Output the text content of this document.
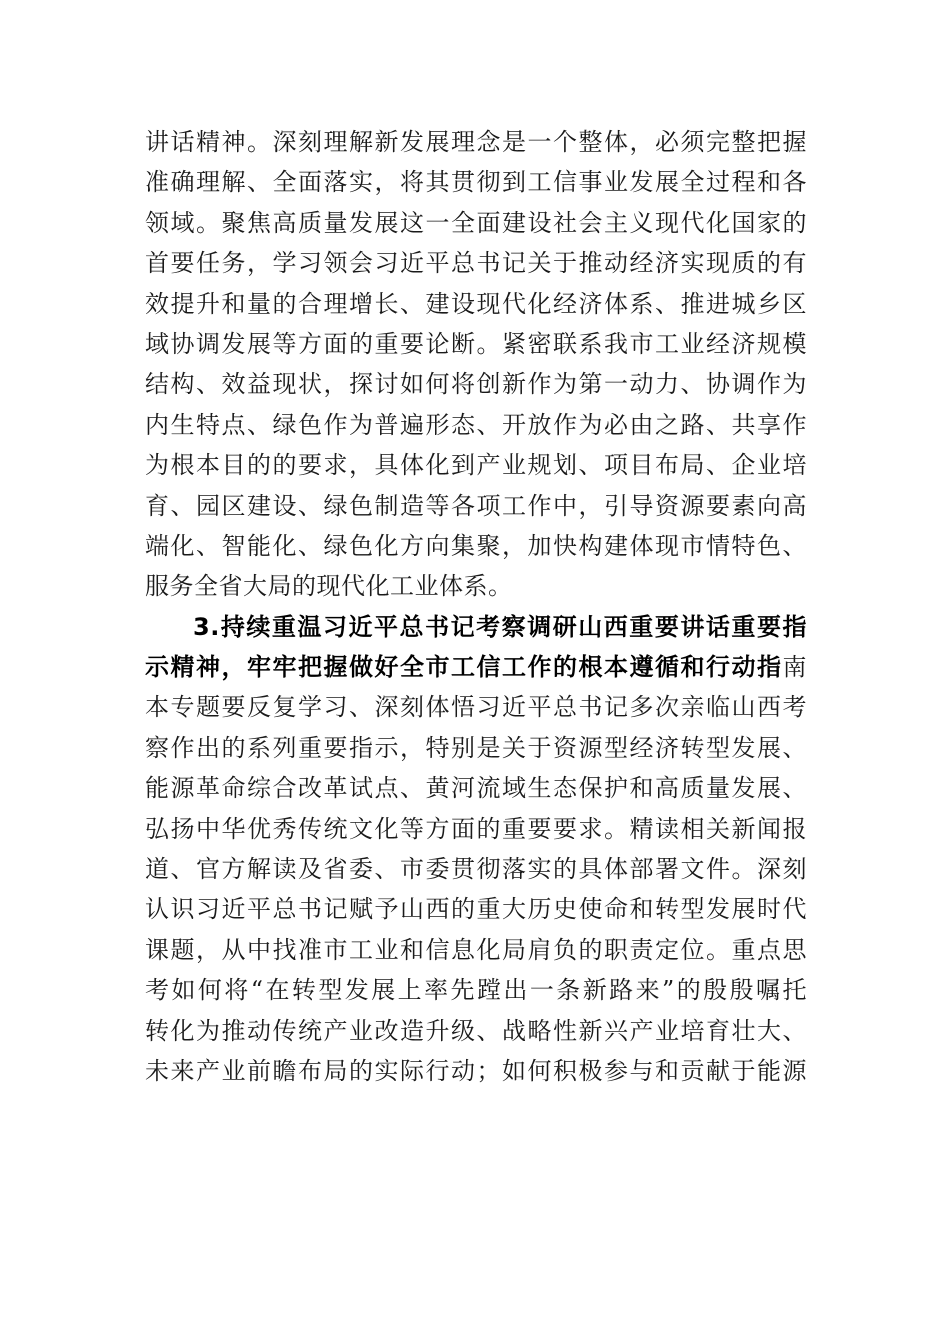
讲话精神。深刻理解新发展理念是一个整体，必须完整把握
准确理解、全面落实，将其贯彻到工信事业发展全过程和各
领域。聚焦高质量发展这一全面建设社会主义现代化国家的
首要任务，学习领会习近平总书记关于推动经济实现质的有
效提升和量的合理增长、建设现代化经济体系、推进城乡区
域协调发展等方面的重要论断。紧密联系我市工业经济规模
结构、效益现状，探讨如何将创新作为第一动力、协调作为
内生特点、绿色作为普遍形态、开放作为必由之路、共享作
为根本目的的要求，具体化到产业规划、项目布局、企业培
育、园区建设、绿色制造等各项工作中，引导资源要素向高
端化、智能化、绿色化方向集聚，加快构建体现市情特色、
服务全省大局的现代化工业体系。
3.持续重温习近平总书记考察调研山西重要讲话重要指
示精神，牢牢把握做好全市工信工作的根本遵循和行动指南
本专题要反复学习、深刻体悟习近平总书记多次亲临山西考
察作出的系列重要指示，特别是关于资源型经济转型发展、
能源革命综合改革试点、黄河流域生态保护和高质量发展、
弘扬中华优秀传统文化等方面的重要要求。精读相关新闻报
道、官方解读及省委、市委贯彻落实的具体部署文件。深刻
认识习近平总书记赋予山西的重大历史使命和转型发展时代
课题，从中找准市工业和信息化局肩负的职责定位。重点思
考如何将“在转型发展上率先蹚出一条新路来”的殷殷嘱托
转化为推动传统产业改造升级、战略性新兴产业培育壮大、
未来产业前瞻布局的实际行动；如何积极参与和贡献于能源
